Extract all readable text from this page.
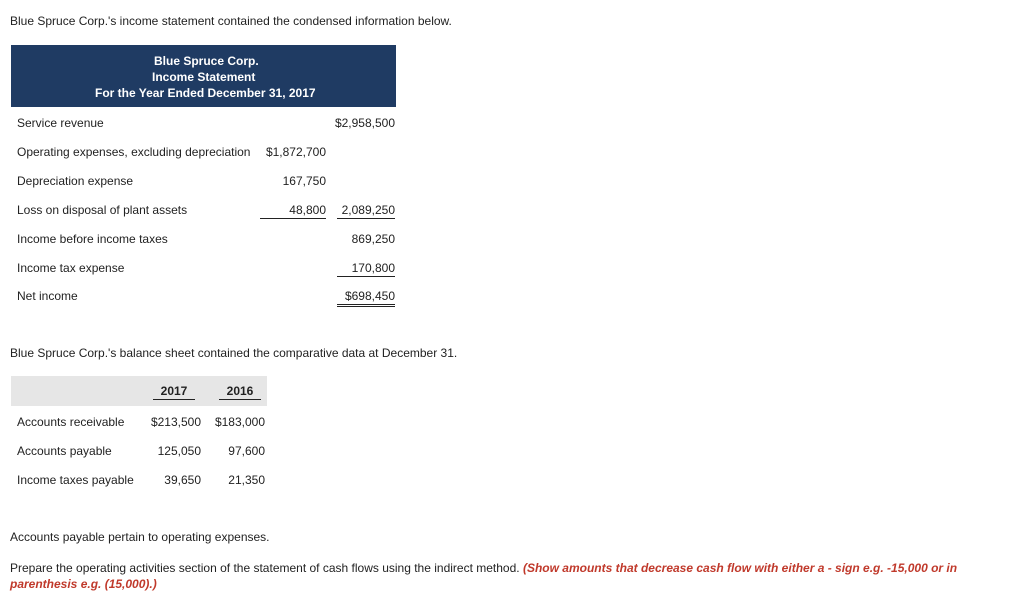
Blue Spruce Corp.'s income statement contained the condensed information below.
Blue Spruce Corp.
Income Statement
For the Year Ended December 31, 2017
Service revenue	$2,958,500
Operating expenses, excluding depreciation $1,872,700
Depreciation expense	167,750
Loss on disposal of plant assets	48,800	2,089,250
Income before income taxes	869,250
Income tax expense	170,800
Net income	$698,450
Blue Spruce Corp.'s balance sheet contained the comparative data at December 31.
2017	2016
Accounts receivable $213,500 $183,000
Accounts payable	125,050 97,600
Income taxes payable	39,650 21,350
Accounts payable pertain to operating expenses.
Prepare the operating activities section of the statement of cash flows using the indirect method. (Show amounts that decrease cash flow with either a - sign e.g. -15,000 or in
parenthesis e.g. (15,000).)
